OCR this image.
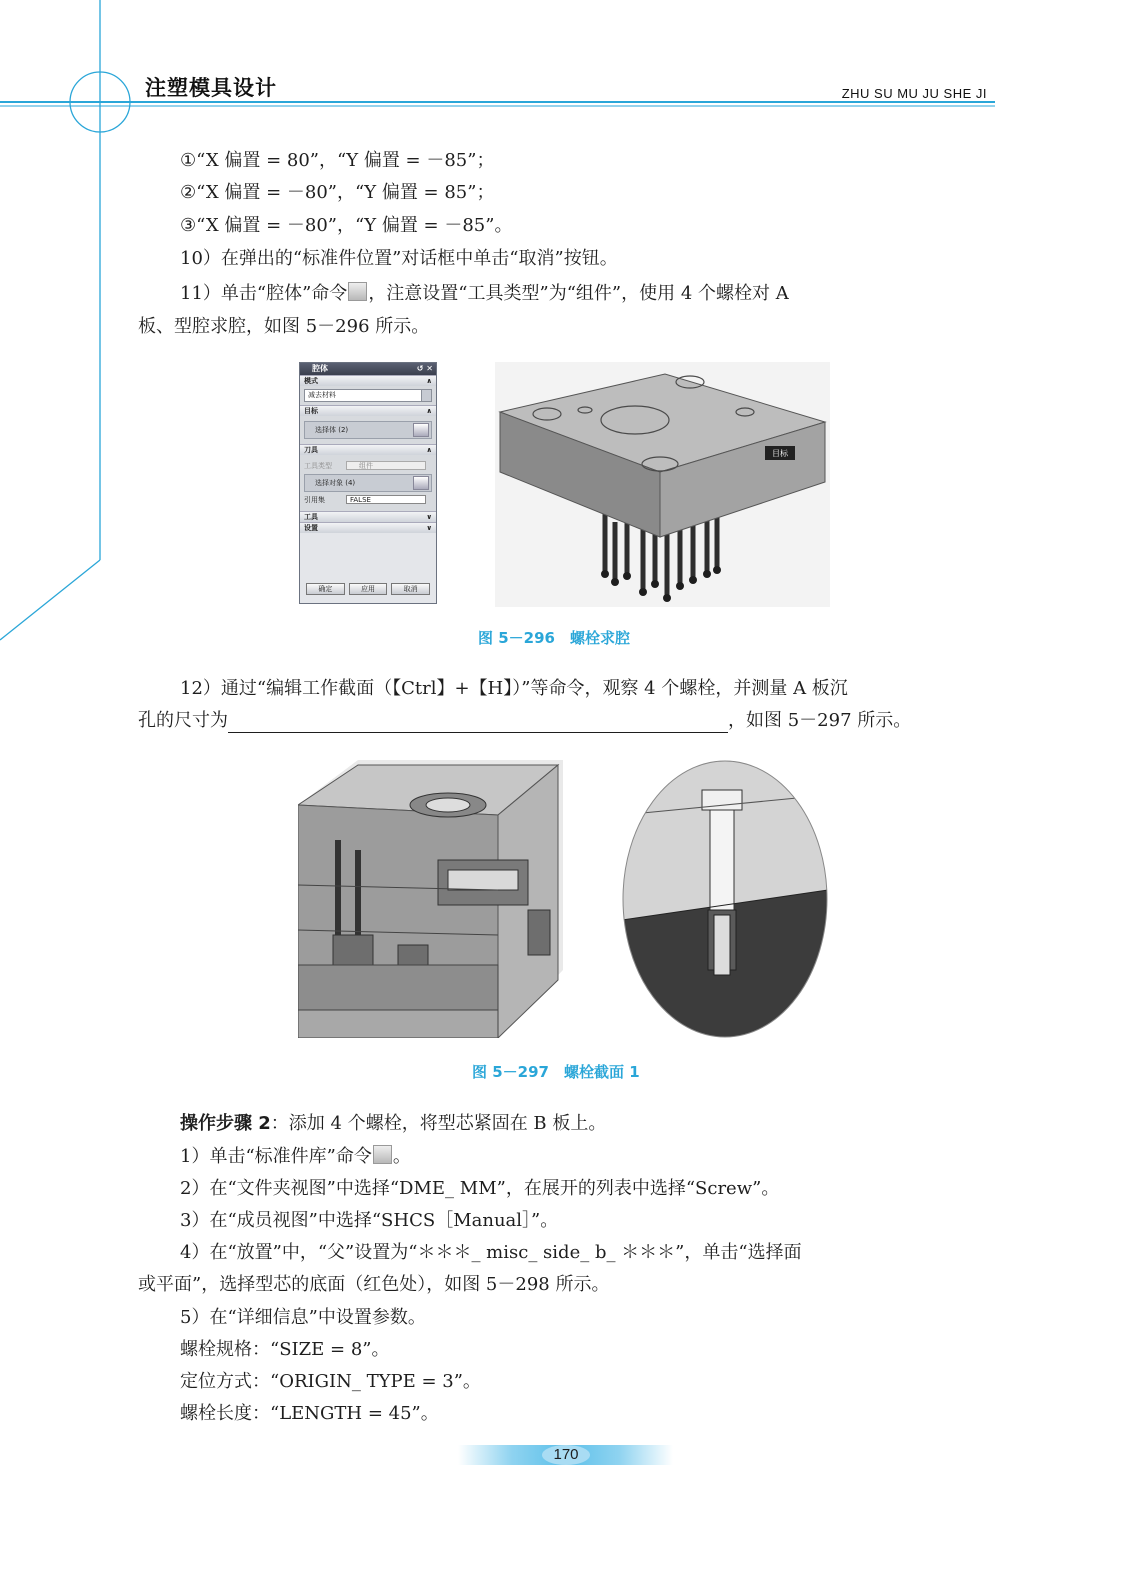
注塑模具设计	ZHU SU MU JU SHE JI
①“X 偏置 = 80”，“Y 偏置 = －85”；
②“X 偏置 = －80”，“Y 偏置 = 85”；
③“X 偏置 = －80”，“Y 偏置 = －85”。
10）在弹出的“标准件位置”对话框中单击“取消”按钮。
11）单击“腔体”命令 ，注意设置“工具类型”为“组件”，使用 4 个螺栓对 A
板、型腔求腔，如图 5－296 所示。
腔体	↺ ✕
模式	∧
减去材料
目标	∧
选择体 (2)
刀具	∧
工具类型	组件
选择对象 (4)
引用集	FALSE
工具	∨
设置	∨
确定	应用	取消
目标
图 5－296　螺栓求腔
12）通过“编辑工作截面（【Ctrl】+【H】）”等命令，观察 4 个螺栓，并测量 A 板沉
孔的尺寸为	，如图 5－297 所示。
图 5－297　螺栓截面 1
操作步骤 2：添加 4 个螺栓，将型芯紧固在 B 板上。
1）单击“标准件库”命令 。
2）在“文件夹视图”中选择“DME_ MM”，在展开的列表中选择“Screw”。
3）在“成员视图”中选择“SHCS［Manual］”。
4）在“放置”中，“父”设置为“＊＊＊_ misc_ side_ b_ ＊＊＊”，单击“选择面
或平面”，选择型芯的底面（红色处），如图 5－298 所示。
5）在“详细信息”中设置参数。
螺栓规格：“SIZE = 8”。
定位方式：“ORIGIN_ TYPE = 3”。
螺栓长度：“LENGTH = 45”。
170
